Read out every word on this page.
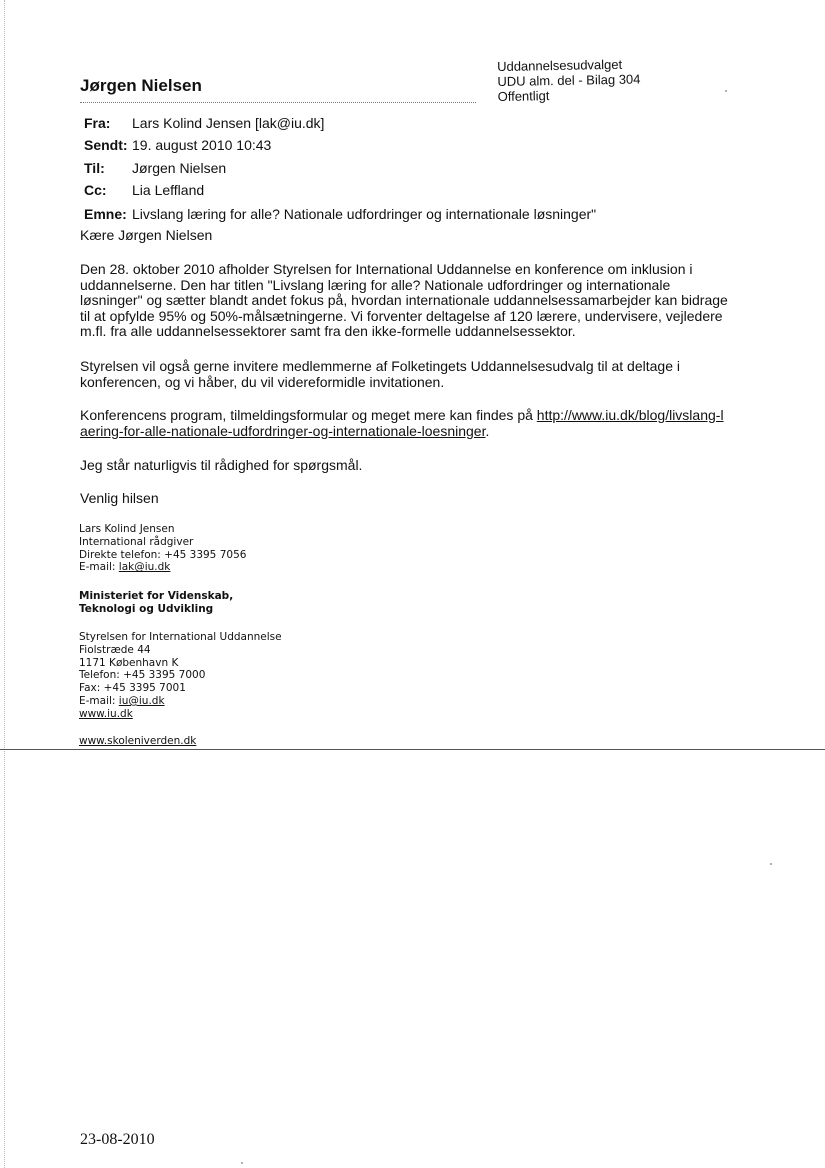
Uddannelsesudvalget
UDU alm. del - Bilag 304
Offentligt
Jørgen Nielsen
Fra: Lars Kolind Jensen [lak@iu.dk]
Sendt: 19. august 2010 10:43
Til: Jørgen Nielsen
Cc: Lia Leffland
Emne: Livslang læring for alle? Nationale udfordringer og internationale løsninger"
Kære Jørgen Nielsen
Den 28. oktober 2010 afholder Styrelsen for International Uddannelse en konference om inklusion i uddannelserne. Den har titlen "Livslang læring for alle? Nationale udfordringer og internationale løsninger" og sætter blandt andet fokus på, hvordan internationale uddannelsessamarbejder kan bidrage til at opfylde 95% og 50%-målsætningerne. Vi forventer deltagelse af 120 lærere, undervisere, vejledere m.fl. fra alle uddannelsessektorer samt fra den ikke-formelle uddannelsessektor.
Styrelsen vil også gerne invitere medlemmerne af Folketingets Uddannelsesudvalg til at deltage i konferencen, og vi håber, du vil videreformidle invitationen.
Konferencens program, tilmeldingsformular og meget mere kan findes på http://www.iu.dk/blog/livslang-laering-for-alle-nationale-udfordringer-og-internationale-loesninger.
Jeg står naturligvis til rådighed for spørgsmål.
Venlig hilsen
Lars Kolind Jensen
International rådgiver
Direkte telefon: +45 3395 7056
E-mail: lak@iu.dk
Ministeriet for Videnskab,
Teknologi og Udvikling
Styrelsen for International Uddannelse
Fiolstræde 44
1171 København K
Telefon: +45 3395 7000
Fax: +45 3395 7001
E-mail: iu@iu.dk
www.iu.dk
www.skoleniverden.dk
23-08-2010
